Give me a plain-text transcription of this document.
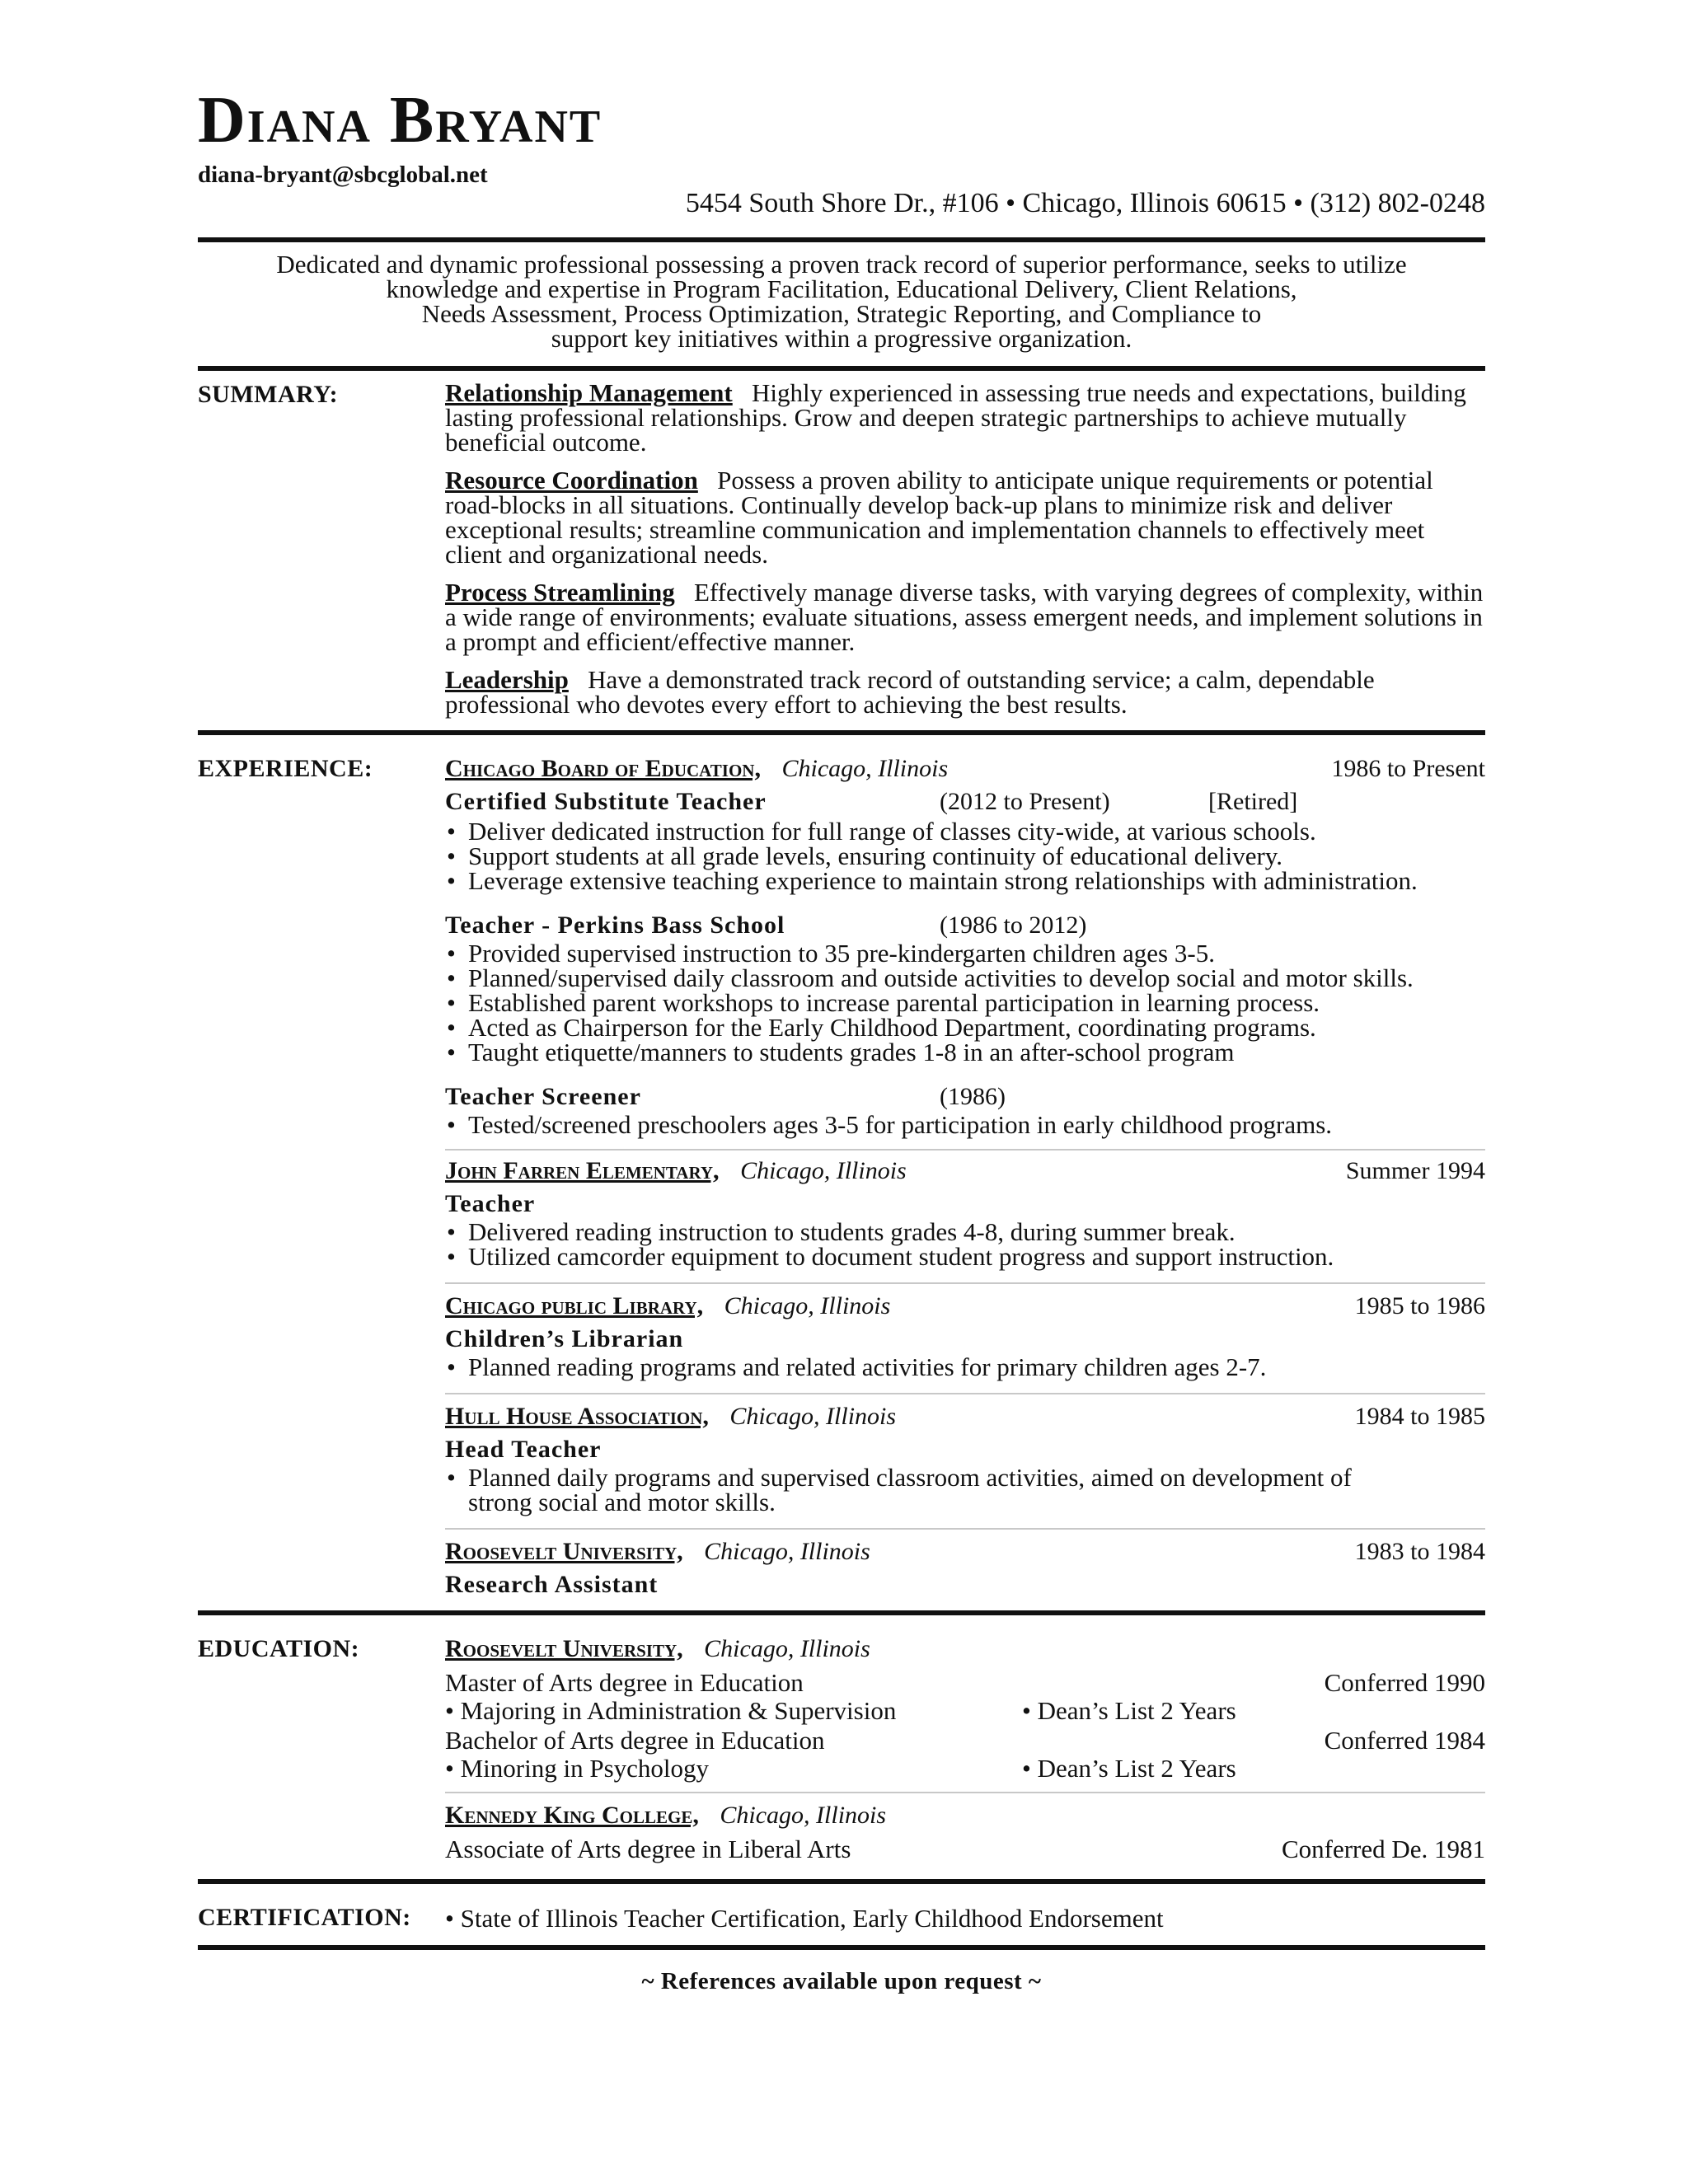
Diana Bryant
diana-bryant@sbcglobal.net
5454 South Shore Dr., #106 • Chicago, Illinois 60615 • (312) 802-0248
Dedicated and dynamic professional possessing a proven track record of superior performance, seeks to utilize
knowledge and expertise in Program Facilitation, Educational Delivery, Client Relations,
Needs Assessment, Process Optimization, Strategic Reporting, and Compliance to
support key initiatives within a progressive organization.
SUMMARY:	Relationship Management Highly experienced in assessing true needs and expectations, building lasting professional relationships. Grow and deepen strategic partnerships to achieve mutually beneficial outcome.

Resource Coordination Possess a proven ability to anticipate unique requirements or potential road-blocks in all situations. Continually develop back-up plans to minimize risk and deliver exceptional results; streamline communication and implementation channels to effectively meet client and organizational needs.

Process Streamlining Effectively manage diverse tasks, with varying degrees of complexity, within a wide range of environments; evaluate situations, assess emergent needs, and implement solutions in a prompt and efficient/effective manner.

Leadership Have a demonstrated track record of outstanding service; a calm, dependable professional who devotes every effort to achieving the best results.

EXPERIENCE:	Chicago Board of Education, Chicago, Illinois	1986 to Present
Certified Substitute Teacher	(2012 to Present)	[Retired]
• Deliver dedicated instruction for full range of classes city-wide, at various schools.
• Support students at all grade levels, ensuring continuity of educational delivery.
• Leverage extensive teaching experience to maintain strong relationships with administration.
Teacher - Perkins Bass School	(1986 to 2012)
• Provided supervised instruction to 35 pre-kindergarten children ages 3-5.
• Planned/supervised daily classroom and outside activities to develop social and motor skills.
• Established parent workshops to increase parental participation in learning process.
• Acted as Chairperson for the Early Childhood Department, coordinating programs.
• Taught etiquette/manners to students grades 1-8 in an after-school program
Teacher Screener	(1986)
• Tested/screened preschoolers ages 3-5 for participation in early childhood programs.
John Farren Elementary, Chicago, Illinois	Summer 1994
Teacher
• Delivered reading instruction to students grades 4-8, during summer break.
• Utilized camcorder equipment to document student progress and support instruction.
Chicago public Library, Chicago, Illinois	1985 to 1986
Children’s Librarian
• Planned reading programs and related activities for primary children ages 2-7.
Hull House Association, Chicago, Illinois	1984 to 1985
Head Teacher
• Planned daily programs and supervised classroom activities, aimed on development of strong social and motor skills.
Roosevelt University, Chicago, Illinois	1983 to 1984
Research Assistant
EDUCATION:	Roosevelt University, Chicago, Illinois
Master of Arts degree in Education	Conferred 1990
• Majoring in Administration & Supervision	• Dean’s List 2 Years
Bachelor of Arts degree in Education	Conferred 1984
• Minoring in Psychology	• Dean’s List 2 Years
Kennedy King College, Chicago, Illinois
Associate of Arts degree in Liberal Arts	Conferred De. 1981
CERTIFICATION: • State of Illinois Teacher Certification, Early Childhood Endorsement
~ References available upon request ~
